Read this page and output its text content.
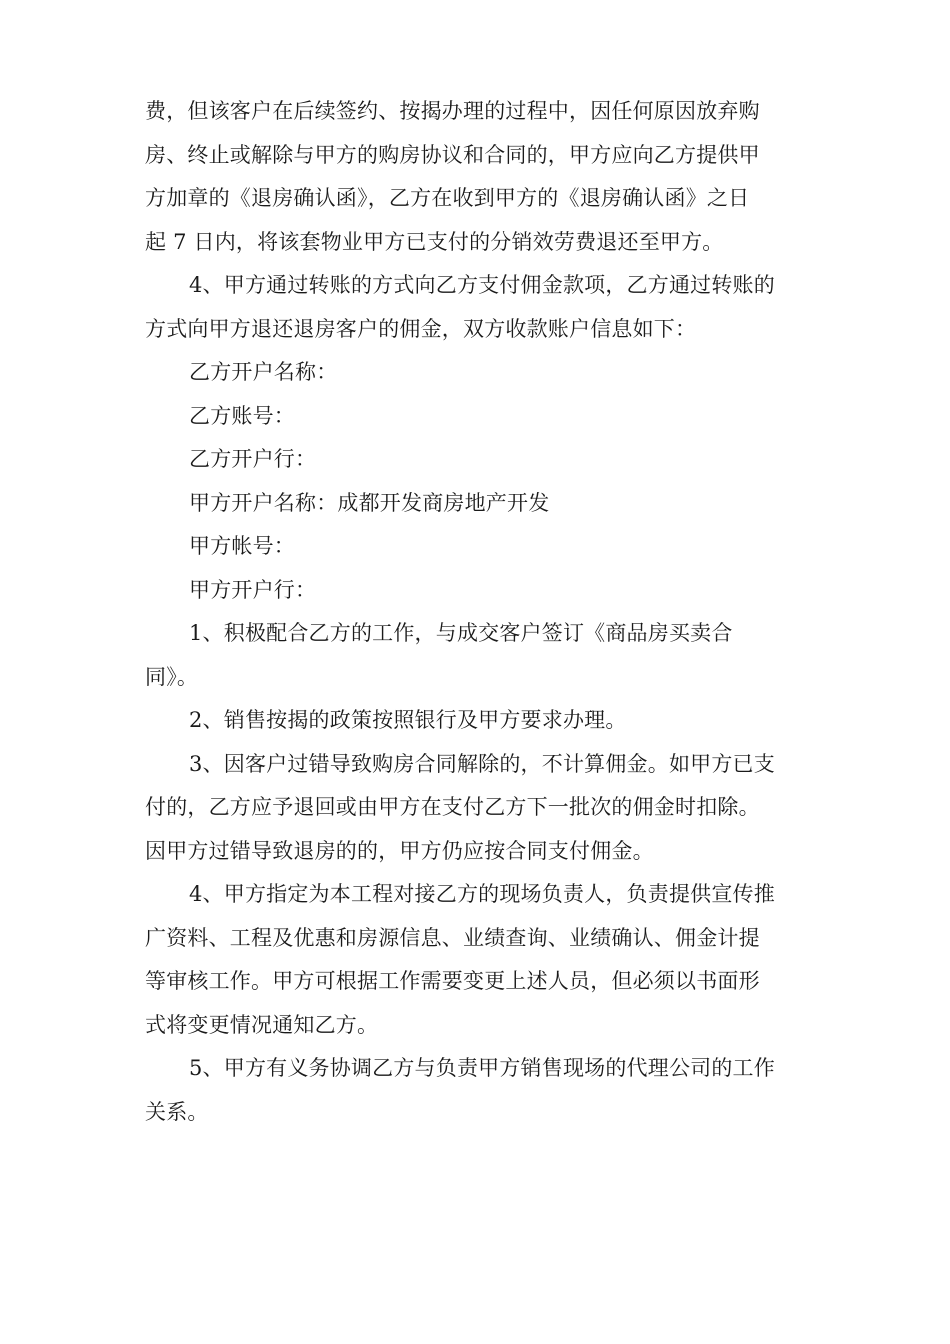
费，但该客户在后续签约、按揭办理的过程中，因任何原因放弃购
房、终止或解除与甲方的购房协议和合同的，甲方应向乙方提供甲
方加章的《退房确认函》，乙方在收到甲方的《退房确认函》之日
起 7 日内，将该套物业甲方已支付的分销效劳费退还至甲方。
4、甲方通过转账的方式向乙方支付佣金款项，乙方通过转账的
方式向甲方退还退房客户的佣金，双方收款账户信息如下：
乙方开户名称：
乙方账号：
乙方开户行：
甲方开户名称：成都开发商房地产开发
甲方帐号：
甲方开户行：
1、积极配合乙方的工作，与成交客户签订《商品房买卖合
同》。
2、销售按揭的政策按照银行及甲方要求办理。
3、因客户过错导致购房合同解除的，不计算佣金。如甲方已支
付的，乙方应予退回或由甲方在支付乙方下一批次的佣金时扣除。
因甲方过错导致退房的的，甲方仍应按合同支付佣金。
4、甲方指定为本工程对接乙方的现场负责人，负责提供宣传推
广资料、工程及优惠和房源信息、业绩查询、业绩确认、佣金计提
等审核工作。甲方可根据工作需要变更上述人员，但必须以书面形
式将变更情况通知乙方。
5、甲方有义务协调乙方与负责甲方销售现场的代理公司的工作
关系。
